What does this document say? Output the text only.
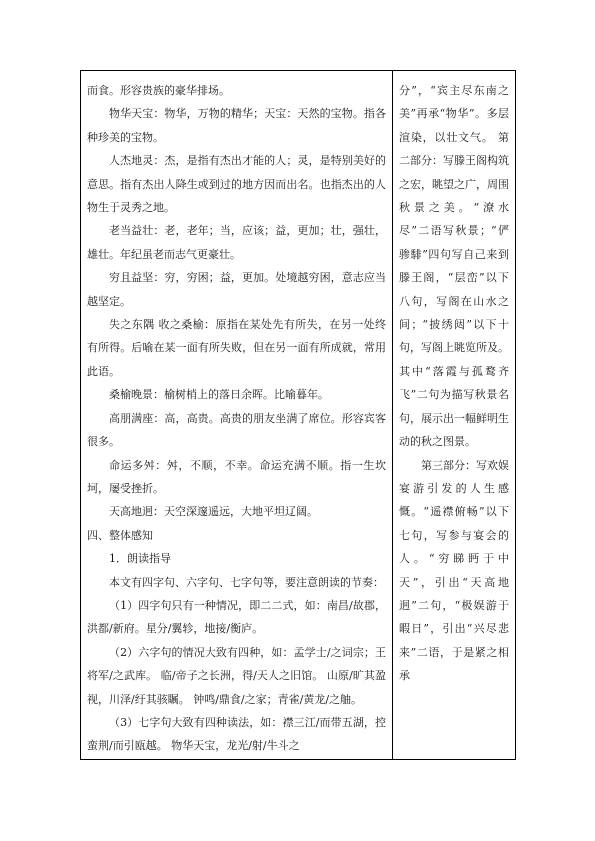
而食。形容贵族的豪华排场。

物华天宝：物华，万物的精华；天宝：天然的宝物。指各种珍美的宝物。

人杰地灵：杰，是指有杰出才能的人；灵，是特别美好的意思。指有杰出人降生或到过的地方因而出名。也指杰出的人物生于灵秀之地。

老当益壮：老，老年；当，应该；益，更加；壮，强壮，雄壮。年纪虽老而志气更豪壮。

穷且益坚：穷，穷困；益，更加。处境越穷困，意志应当越坚定。

失之东隅 收之桑榆：原指在某处先有所失，在另一处终有所得。后喻在某一面有所失败，但在另一面有所成就，常用此语。

桑榆晚景：榆树梢上的落日余晖。比喻暮年。

高朋满座：高，高贵。高贵的朋友坐满了席位。形容宾客很多。

命运多舛：舛，不顺，不幸。命运充满不顺。指一生坎坷，屡受挫折。

天高地迥：天空深邃遥远，大地平坦辽阔。

四、整体感知

1．朗读指导

本文有四字句、六字句、七字句等，要注意朗读的节奏：

（1）四字句只有一种情况，即二二式，如：南昌/故郡，洪都/新府。星分/翼轸，地接/衡庐。

（2）六字句的情况大致有四种，如：孟学士/之词宗；王将军/之武库。 临/帝子之长洲，得/天人之旧馆。 山原/旷其盈视，川泽/纡其骇瞩。 钟鸣/鼎食/之家；青雀/黄龙/之舳。

（3）七字句大致有四种读法，如：襟三江/而带五湖，控蛮荆/而引瓯越。 物华天宝，龙光/射/牛斗之

分”，“宾主尽东南之美”再承“物华”。多层渲染，以壮文气。 第二部分：写滕王阁构筑之宏，眺望之广，周围秋景之美。“潦水尽”二语写秋景；“俨骖騑”四句写自己来到滕王阁，“层峦”以下八句，写阁在山水之间；“披绣闼”以下十句，写阁上眺览所及。其中“落霞与孤鹜齐飞”二句为描写秋景名句，展示出一幅鲜明生动的秋之图景。

第三部分：写欢娱宴游引发的人生感慨。“遥襟俯畅”以下七句，写参与宴会的人。“穷睇眄于中天”，引出“天高地迥”二句，“极娱游于暇日”，引出“兴尽悲来”二语，于是紧之相承
